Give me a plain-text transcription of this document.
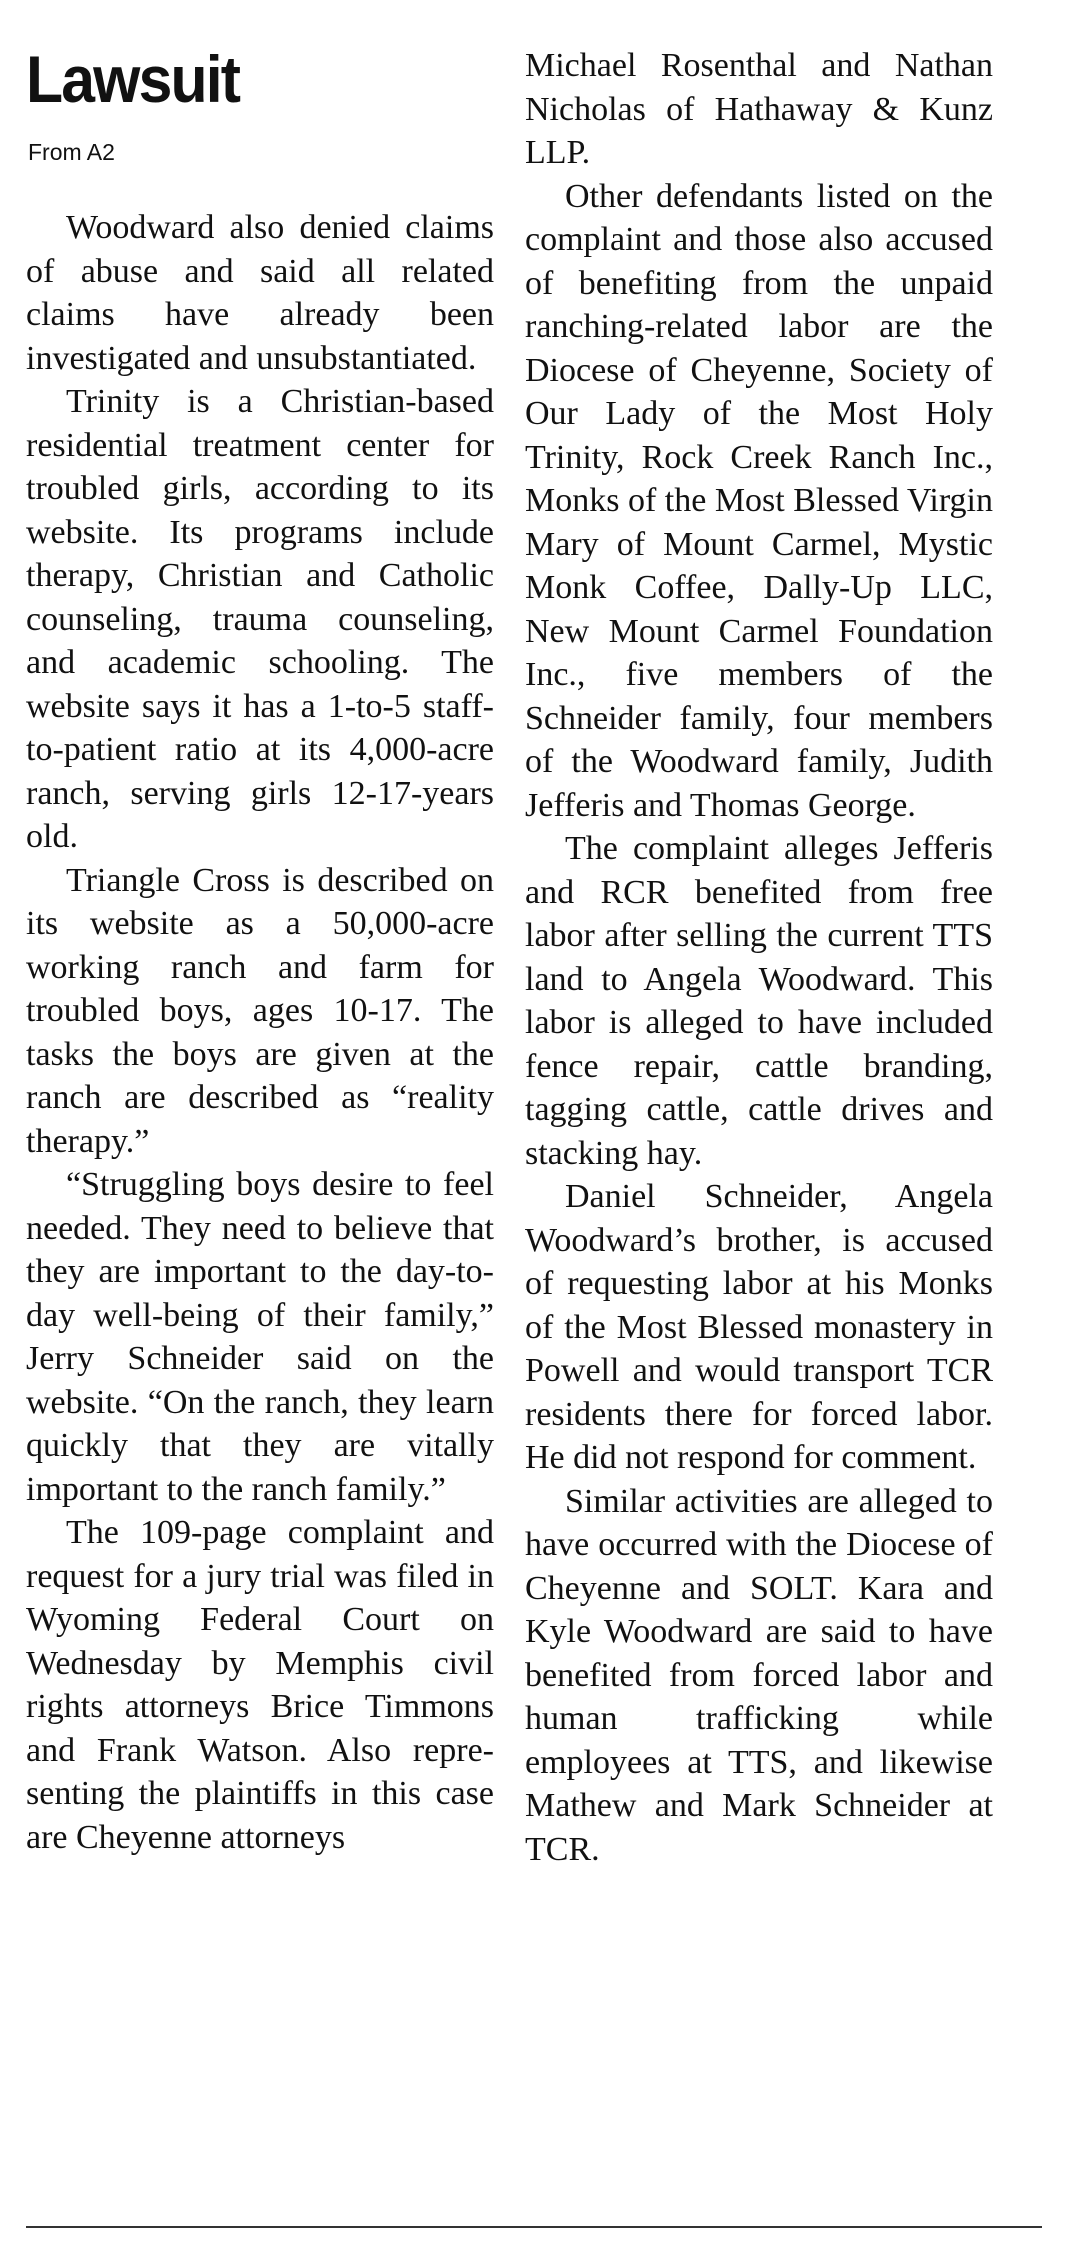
Lawsuit
From A2

Woodward also denied claims of abuse and said all related claims have already been investigated and unsubstantiated.

Trinity is a Christian-based residential treatment center for troubled girls, according to its website. Its programs include therapy, Christian and Catholic counseling, trauma counseling, and academic schooling. The website says it has a 1-to-5 staff-to-patient ratio at its 4,000-acre ranch, serving girls 12-17-years old.

Triangle Cross is described on its website as a 50,000-acre working ranch and farm for troubled boys, ages 10-17. The tasks the boys are given at the ranch are described as “reality therapy.”

“Struggling boys desire to feel needed. They need to believe that they are important to the day-to-day well-being of their family,” Jerry Schneider said on the website. “On the ranch, they learn quickly that they are vitally important to the ranch family.”

The 109-page complaint and request for a jury trial was filed in Wyoming Federal Court on Wednesday by Memphis civil rights attorneys Brice Timmons and Frank Watson. Also representing the plaintiffs in this case are Cheyenne attorneys

Michael Rosenthal and Nathan Nicholas of Hathaway & Kunz LLP.

Other defendants listed on the complaint and those also accused of benefiting from the unpaid ranching-related labor are the Diocese of Cheyenne, Society of Our Lady of the Most Holy Trinity, Rock Creek Ranch Inc., Monks of the Most Blessed Virgin Mary of Mount Carmel, Mystic Monk Coffee, Dally-Up LLC, New Mount Carmel Foundation Inc., five members of the Schneider family, four members of the Woodward family, Judith Jefferis and Thomas George.

The complaint alleges Jefferis and RCR benefited from free labor after selling the current TTS land to Angela Woodward. This labor is alleged to have included fence repair, cattle branding, tagging cattle, cattle drives and stacking hay.

Daniel Schneider, Angela Woodward’s brother, is accused of requesting labor at his Monks of the Most Blessed monastery in Powell and would transport TCR residents there for forced labor. He did not respond for comment.

Similar activities are alleged to have occurred with the Diocese of Cheyenne and SOLT. Kara and Kyle Woodward are said to have benefited from forced labor and human trafficking while employees at TTS, and likewise Mathew and Mark Schneider at TCR.
